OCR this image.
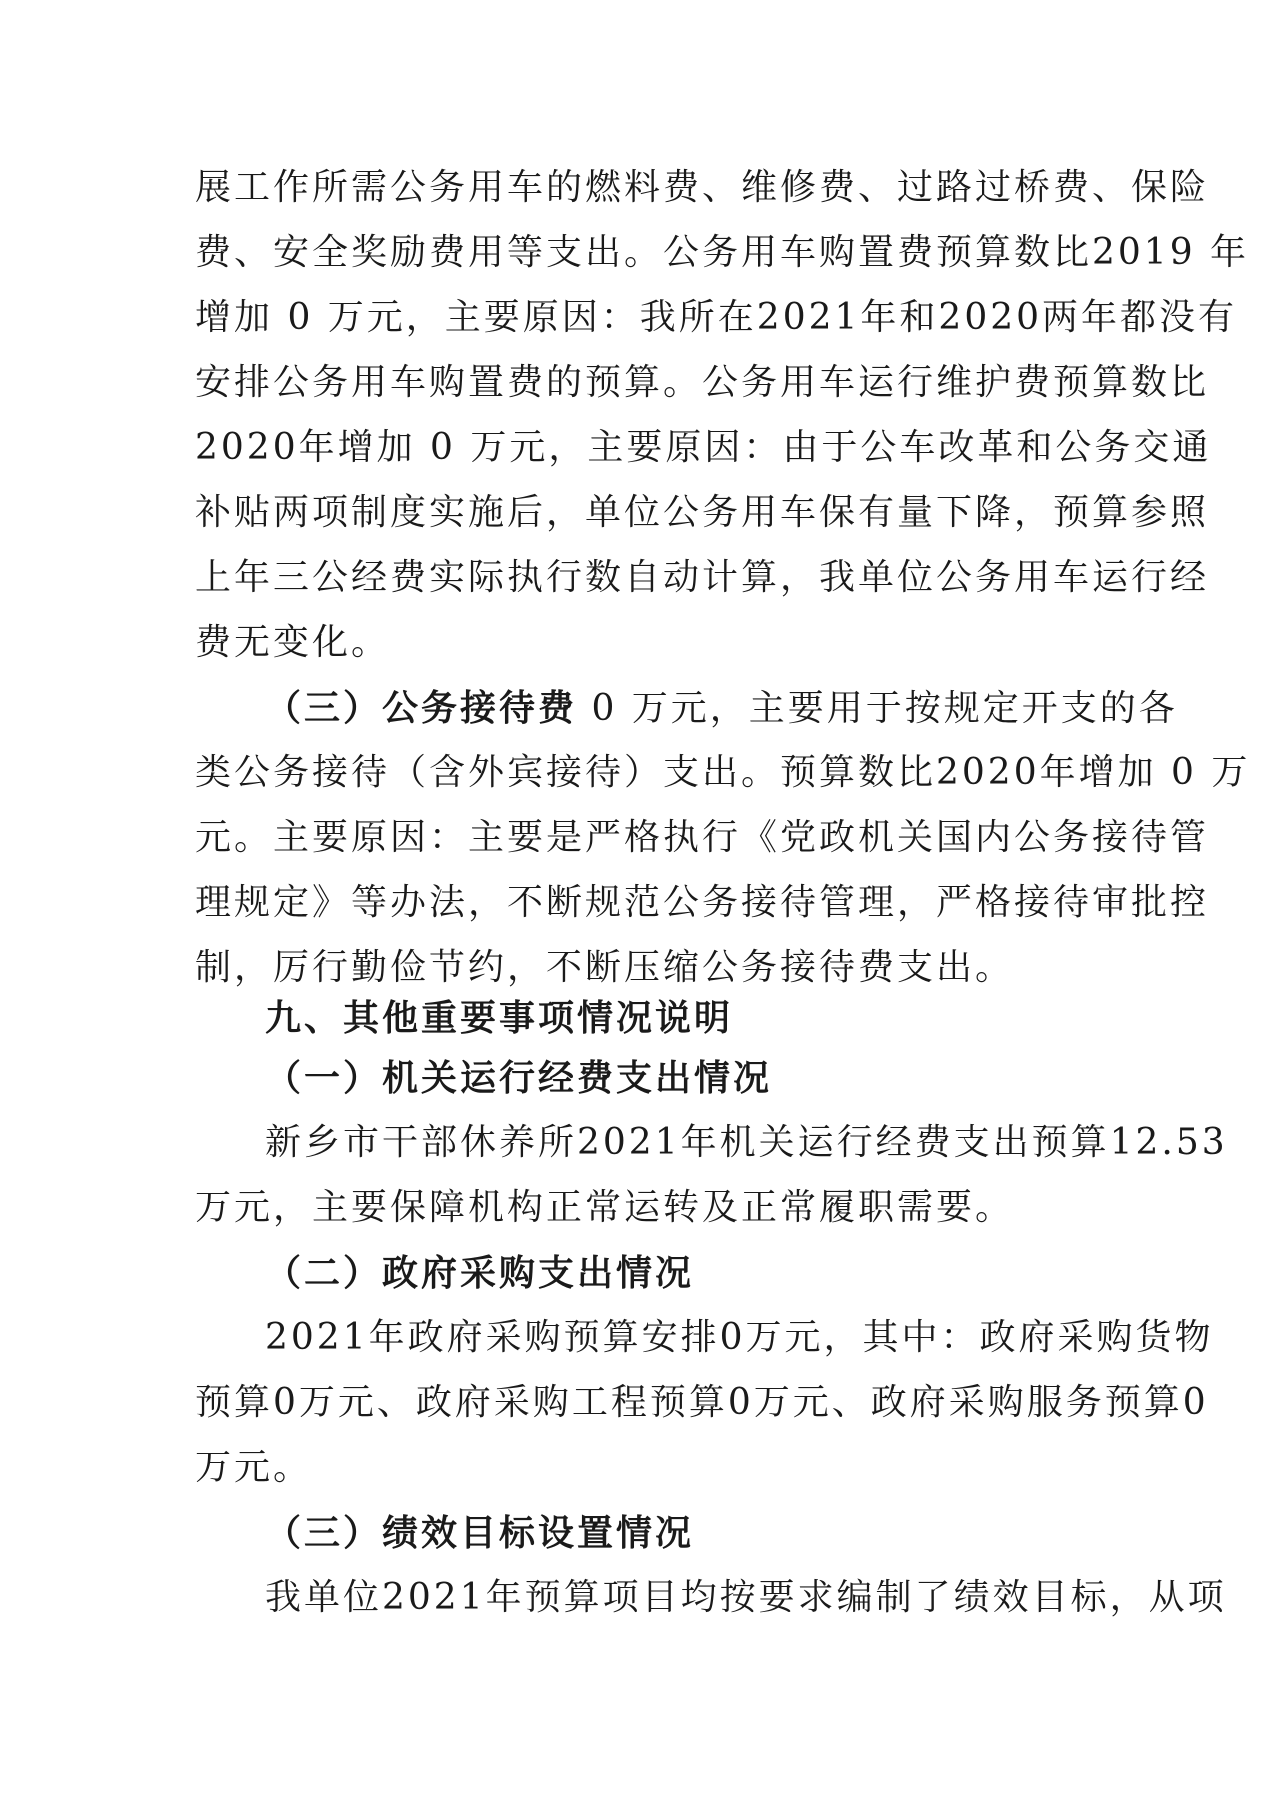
展工作所需公务用车的燃料费、维修费、过路过桥费、保险
费、安全奖励费用等支出。公务用车购置费预算数比2019 年
增加 0 万元，主要原因：我所在2021年和2020两年都没有
安排公务用车购置费的预算。公务用车运行维护费预算数比
2020年增加 0 万元，主要原因：由于公车改革和公务交通
补贴两项制度实施后，单位公务用车保有量下降，预算参照
上年三公经费实际执行数自动计算，我单位公务用车运行经
费无变化。
（三）公务接待费 0 万元，主要用于按规定开支的各
类公务接待（含外宾接待）支出。预算数比2020年增加 0 万
元。主要原因：主要是严格执行《党政机关国内公务接待管
理规定》等办法，不断规范公务接待管理，严格接待审批控
制，厉行勤俭节约，不断压缩公务接待费支出。
九、其他重要事项情况说明
（一）机关运行经费支出情况
新乡市干部休养所2021年机关运行经费支出预算12.53
万元，主要保障机构正常运转及正常履职需要。
（二）政府采购支出情况
2021年政府采购预算安排0万元，其中：政府采购货物
预算0万元、政府采购工程预算0万元、政府采购服务预算0
万元。
（三）绩效目标设置情况
我单位2021年预算项目均按要求编制了绩效目标，从项
